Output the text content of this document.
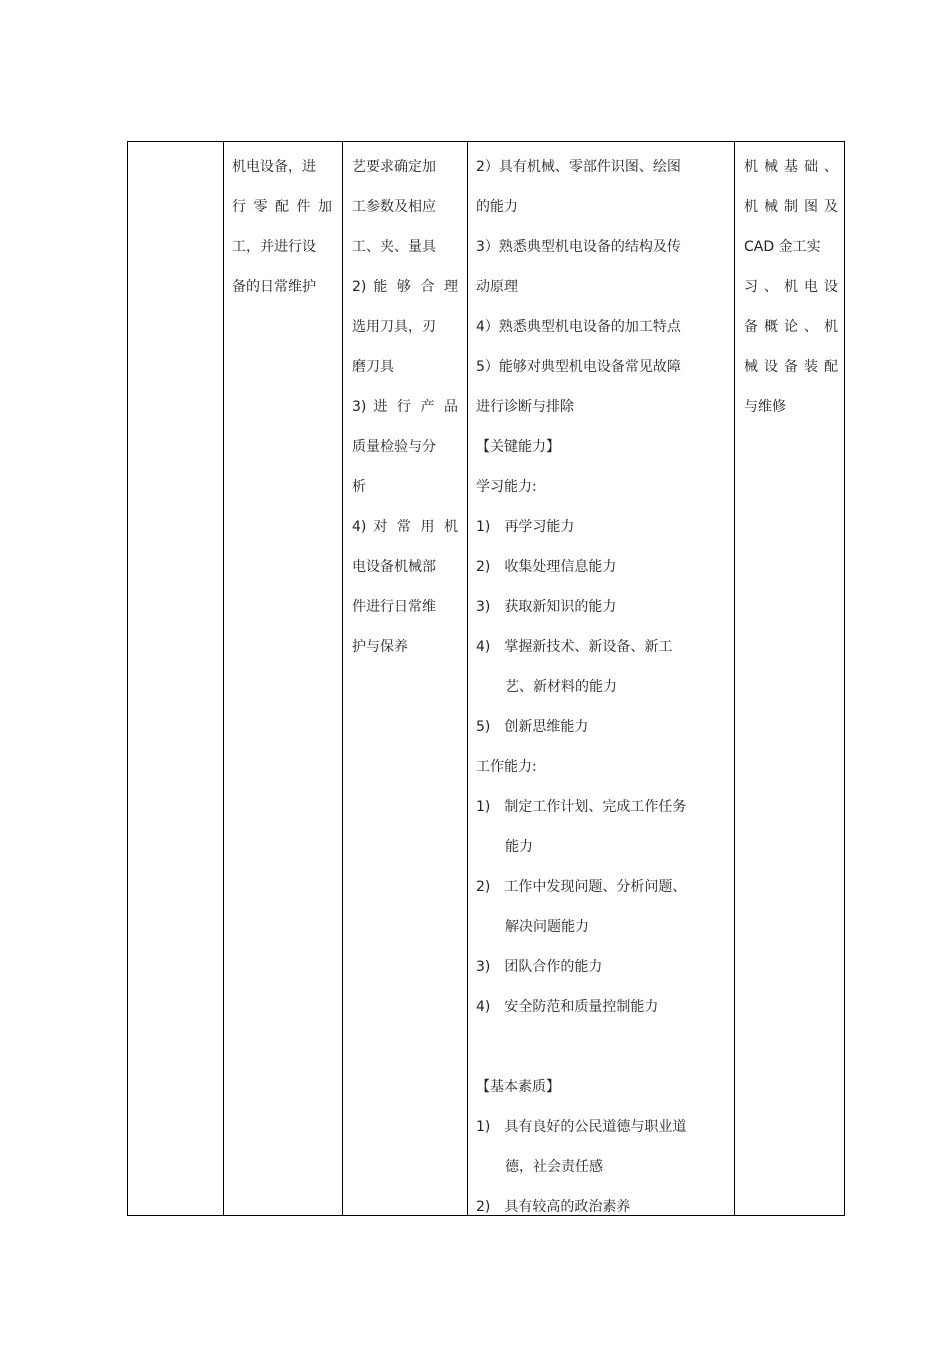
机电设备，进
行 零 配 件 加
工，并进行设
备的日常维护
艺要求确定加
工参数及相应
工、夹、量具
2) 能 够 合 理
选用刀具，刃
磨刀具
3) 进 行 产 品
质量检验与分
析
4) 对 常 用 机
电设备机械部
件进行日常维
护与保养
2）具有机械、零部件识图、绘图
的能力
3）熟悉典型机电设备的结构及传
动原理
4）熟悉典型机电设备的加工特点
5）能够对典型机电设备常见故障
进行诊断与排除
【关键能力】
学习能力:
1)　再学习能力
2)　收集处理信息能力
3)　获取新知识的能力
4)　掌握新技术、新设备、新工
艺、新材料的能力
5)　创新思维能力
工作能力:
1)　制定工作计划、完成工作任务
能力
2)　工作中发现问题、分析问题、
解决问题能力
3)　团队合作的能力
4)　安全防范和质量控制能力
【基本素质】
1)　具有良好的公民道德与职业道
德，社会责任感
2)　具有较高的政治素养
机 械 基 础 、
机 械 制 图 及
CAD 金工实
习 、 机 电 设
备 概 论 、 机
械 设 备 装 配
与维修
